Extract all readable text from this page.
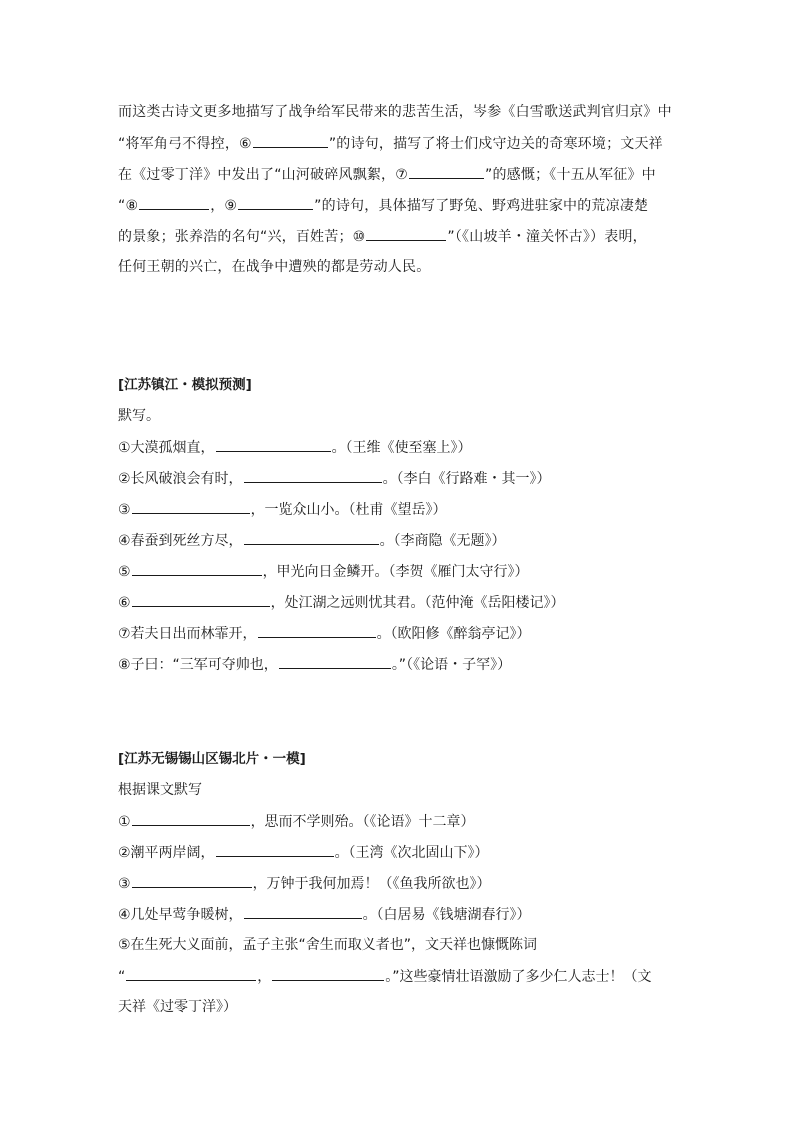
而这类古诗文更多地描写了战争给军民带来的悲苦生活，岑参《白雪歌送武判官归京》中
“将军角弓不得控，⑥	”的诗句，描写了将士们戍守边关的奇寒环境；文天祥
在《过零丁洋》中发出了“山河破碎风飘絮，⑦	”的感慨；《十五从军征》中
“⑧	，⑨	”的诗句，具体描写了野兔、野鸡进驻家中的荒凉凄楚
的景象；张养浩的名句“兴，百姓苦；⑩	”（《山坡羊・潼关怀古》）表明，
任何王朝的兴亡，在战争中遭殃的都是劳动人民。
[江苏镇江・模拟预测]
默写。
①大漠孤烟直，	。（王维《使至塞上》）
②长风破浪会有时，	。（李白《行路难・其一》）
③	，一览众山小。（杜甫《望岳》）
④春蚕到死丝方尽，	。（李商隐《无题》）
⑤	，甲光向日金鳞开。（李贺《雁门太守行》）
⑥	，处江湖之远则忧其君。（范仲淹《岳阳楼记》）
⑦若夫日出而林霏开，	。（欧阳修《醉翁亭记》）
⑧子曰：“三军可夺帅也，	。”（《论语・子罕》）
[江苏无锡锡山区锡北片・一模]
根据课文默写
①	，思而不学则殆。（《论语》十二章）
②潮平两岸阔，	。（王湾《次北固山下》）
③	，万钟于我何加焉！（《鱼我所欲也》）
④几处早莺争暖树，	。（白居易《钱塘湖春行》）
⑤在生死大义面前，孟子主张“舍生而取义者也”，文天祥也慷慨陈词
“	，	。”这些豪情壮语激励了多少仁人志士！（文
天祥《过零丁洋》）
